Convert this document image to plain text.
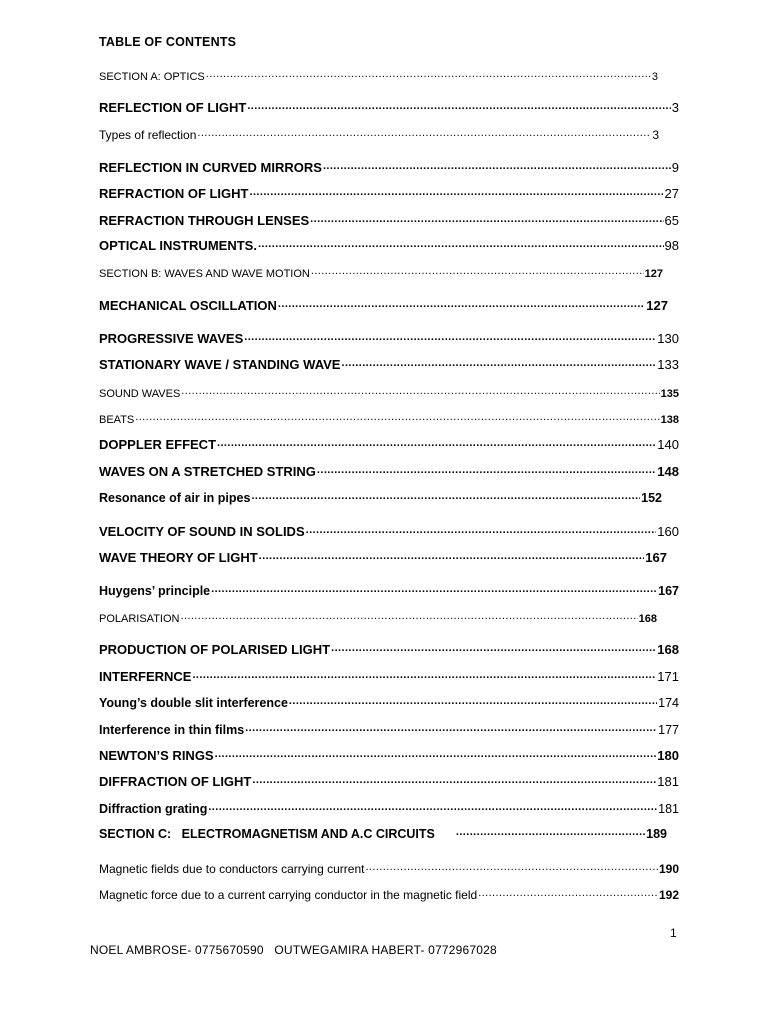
TABLE OF CONTENTS
SECTION A: OPTICS .....	3
REFLECTION OF LIGHT .....	3
Types of reflection .....	3
REFLECTION IN CURVED MIRRORS .....	9
REFRACTION OF LIGHT .....	27
REFRACTION THROUGH LENSES .....	65
OPTICAL INSTRUMENTS. .....	98
SECTION B: WAVES AND WAVE MOTION .....	127
MECHANICAL OSCILLATION .....	127
PROGRESSIVE WAVES .....	130
STATIONARY WAVE / STANDING WAVE .....	133
SOUND WAVES .....	135
BEATS .....	138
DOPPLER EFFECT .....	140
WAVES ON A STRETCHED STRING .....	148
Resonance of air in pipes .....	152
VELOCITY OF SOUND IN SOLIDS .....	160
WAVE THEORY OF LIGHT .....	167
Huygens’ principle .....	167
POLARISATION .....	168
PRODUCTION OF POLARISED LIGHT .....	168
INTERFERNCE .....	171
Young’s double slit interference .....	174
Interference in thin films .....	177
NEWTON’S RINGS .....	180
DIFFRACTION OF LIGHT .....	181
Diffraction grating .....	181
SECTION C:   ELECTROMAGNETISM AND A.C CIRCUITS .....	189
Magnetic fields due to conductors carrying current .....	190
Magnetic force due to a current carrying conductor in the magnetic field .....	192
1
NOEL AMBROSE- 0775670590   OUTWEGAMIRA HABERT- 0772967028
